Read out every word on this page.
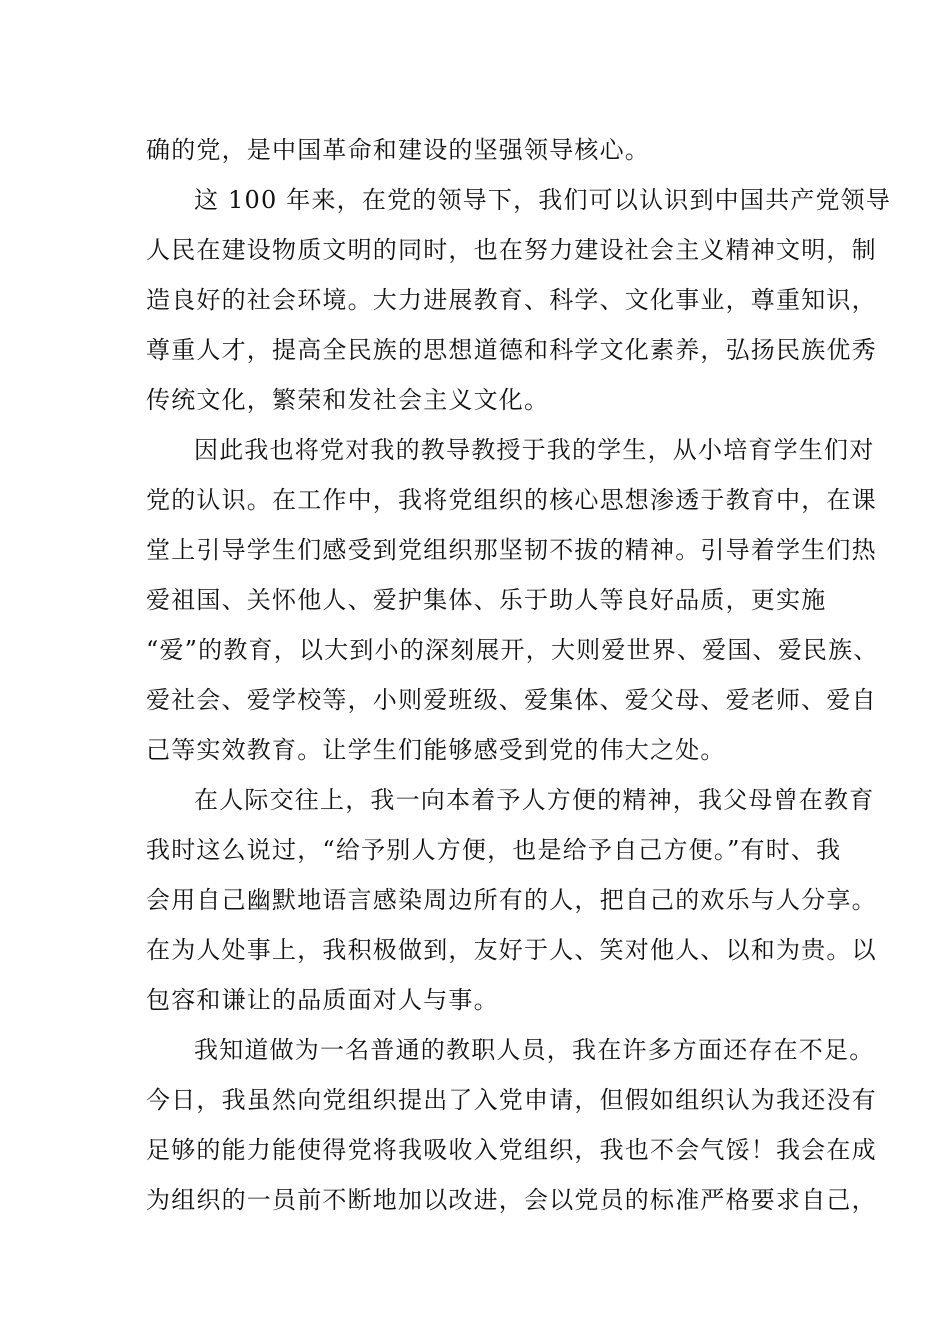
确的党，是中国革命和建设的坚强领导核心。
这 100 年来，在党的领导下，我们可以认识到中国共产党领导
人民在建设物质文明的同时，也在努力建设社会主义精神文明，制
造良好的社会环境。大力进展教育、科学、文化事业，尊重知识，
尊重人才，提高全民族的思想道德和科学文化素养，弘扬民族优秀
传统文化，繁荣和发社会主义文化。
因此我也将党对我的教导教授于我的学生，从小培育学生们对
党的认识。在工作中，我将党组织的核心思想渗透于教育中，在课
堂上引导学生们感受到党组织那坚韧不拔的精神。引导着学生们热
爱祖国、关怀他人、爱护集体、乐于助人等良好品质，更实施
“爱”的教育，以大到小的深刻展开，大则爱世界、爱国、爱民族、
爱社会、爱学校等，小则爱班级、爱集体、爱父母、爱老师、爱自
己等实效教育。让学生们能够感受到党的伟大之处。
在人际交往上，我一向本着予人方便的精神，我父母曾在教育
我时这么说过，“给予别人方便，也是给予自己方便。”有时、我
会用自己幽默地语言感染周边所有的人，把自己的欢乐与人分享。
在为人处事上，我积极做到，友好于人、笑对他人、以和为贵。以
包容和谦让的品质面对人与事。
我知道做为一名普通的教职人员，我在许多方面还存在不足。
今日，我虽然向党组织提出了入党申请，但假如组织认为我还没有
足够的能力能使得党将我吸收入党组织，我也不会气馁！我会在成
为组织的一员前不断地加以改进，会以党员的标准严格要求自己，
